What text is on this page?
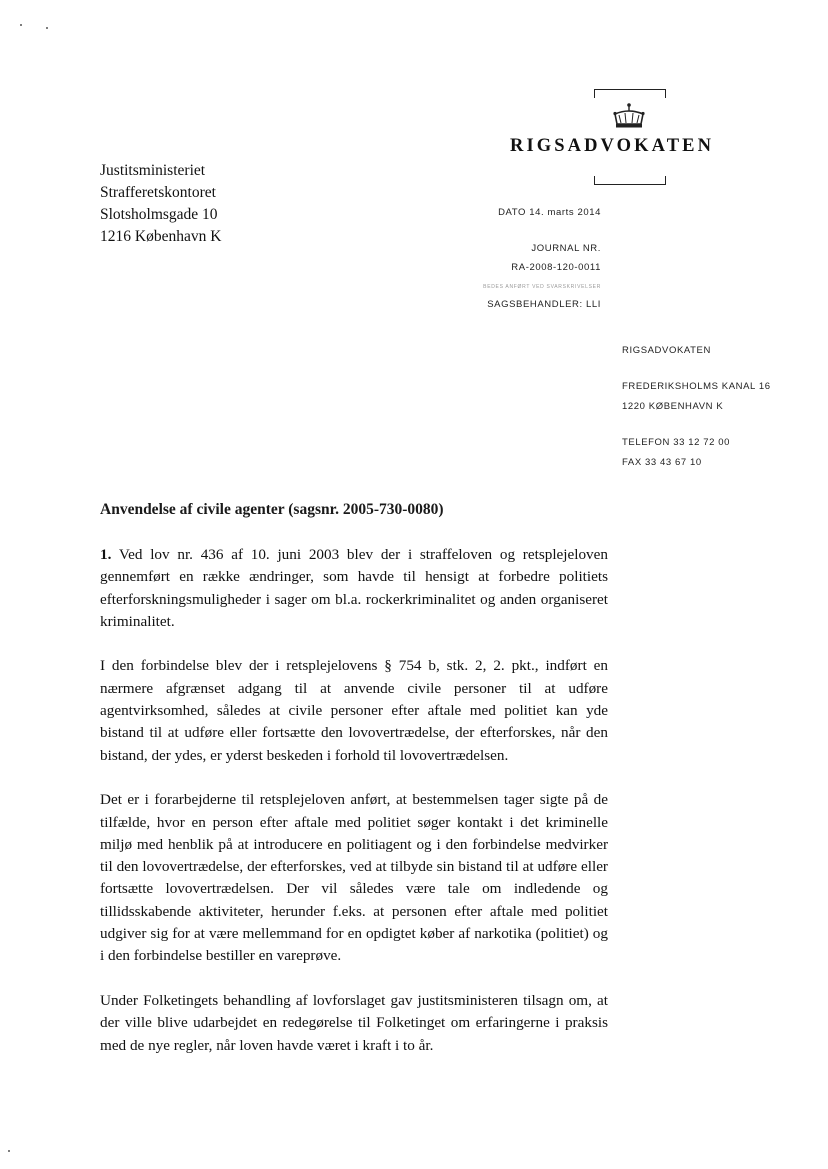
RIGSADVOKATEN
Justitsministeriet
Strafferetskontoret
Slotsholmsgade 10
1216 København K
DATO 14. marts 2014
JOURNAL NR.
RA-2008-120-0011
BEDES ANFØRT VED SVARSKRIVELSER
SAGSBEHANDLER: LLI
RIGSADVOKATEN
FREDERIKSHOLMS KANAL 16
1220 KØBENHAVN K
TELEFON 33 12 72 00
FAX 33 43 67 10
Anvendelse af civile agenter (sagsnr. 2005-730-0080)

1. Ved lov nr. 436 af 10. juni 2003 blev der i straffeloven og retsplejeloven gennemført en række ændringer, som havde til hensigt at forbedre politiets efterforskningsmuligheder i sager om bl.a. rockerkriminalitet og anden organiseret kriminalitet.

I den forbindelse blev der i retsplejelovens § 754 b, stk. 2, 2. pkt., indført en nærmere afgrænset adgang til at anvende civile personer til at udføre agentvirksomhed, således at civile personer efter aftale med politiet kan yde bistand til at udføre eller fortsætte den lovovertrædelse, der efterforskes, når den bistand, der ydes, er yderst beskeden i forhold til lovovertrædelsen.

Det er i forarbejderne til retsplejeloven anført, at bestemmelsen tager sigte på de tilfælde, hvor en person efter aftale med politiet søger kontakt i det kriminelle miljø med henblik på at introducere en politiagent og i den forbindelse medvirker til den lovovertrædelse, der efterforskes, ved at tilbyde sin bistand til at udføre eller fortsætte lovovertrædelsen. Der vil således være tale om indledende og tillidsskabende aktiviteter, herunder f.eks. at personen efter aftale med politiet udgiver sig for at være mellemmand for en opdigtet køber af narkotika (politiet) og i den forbindelse bestiller en vareprøve.

Under Folketingets behandling af lovforslaget gav justitsministeren tilsagn om, at der ville blive udarbejdet en redegørelse til Folketinget om erfaringerne i praksis med de nye regler, når loven havde været i kraft i to år.
